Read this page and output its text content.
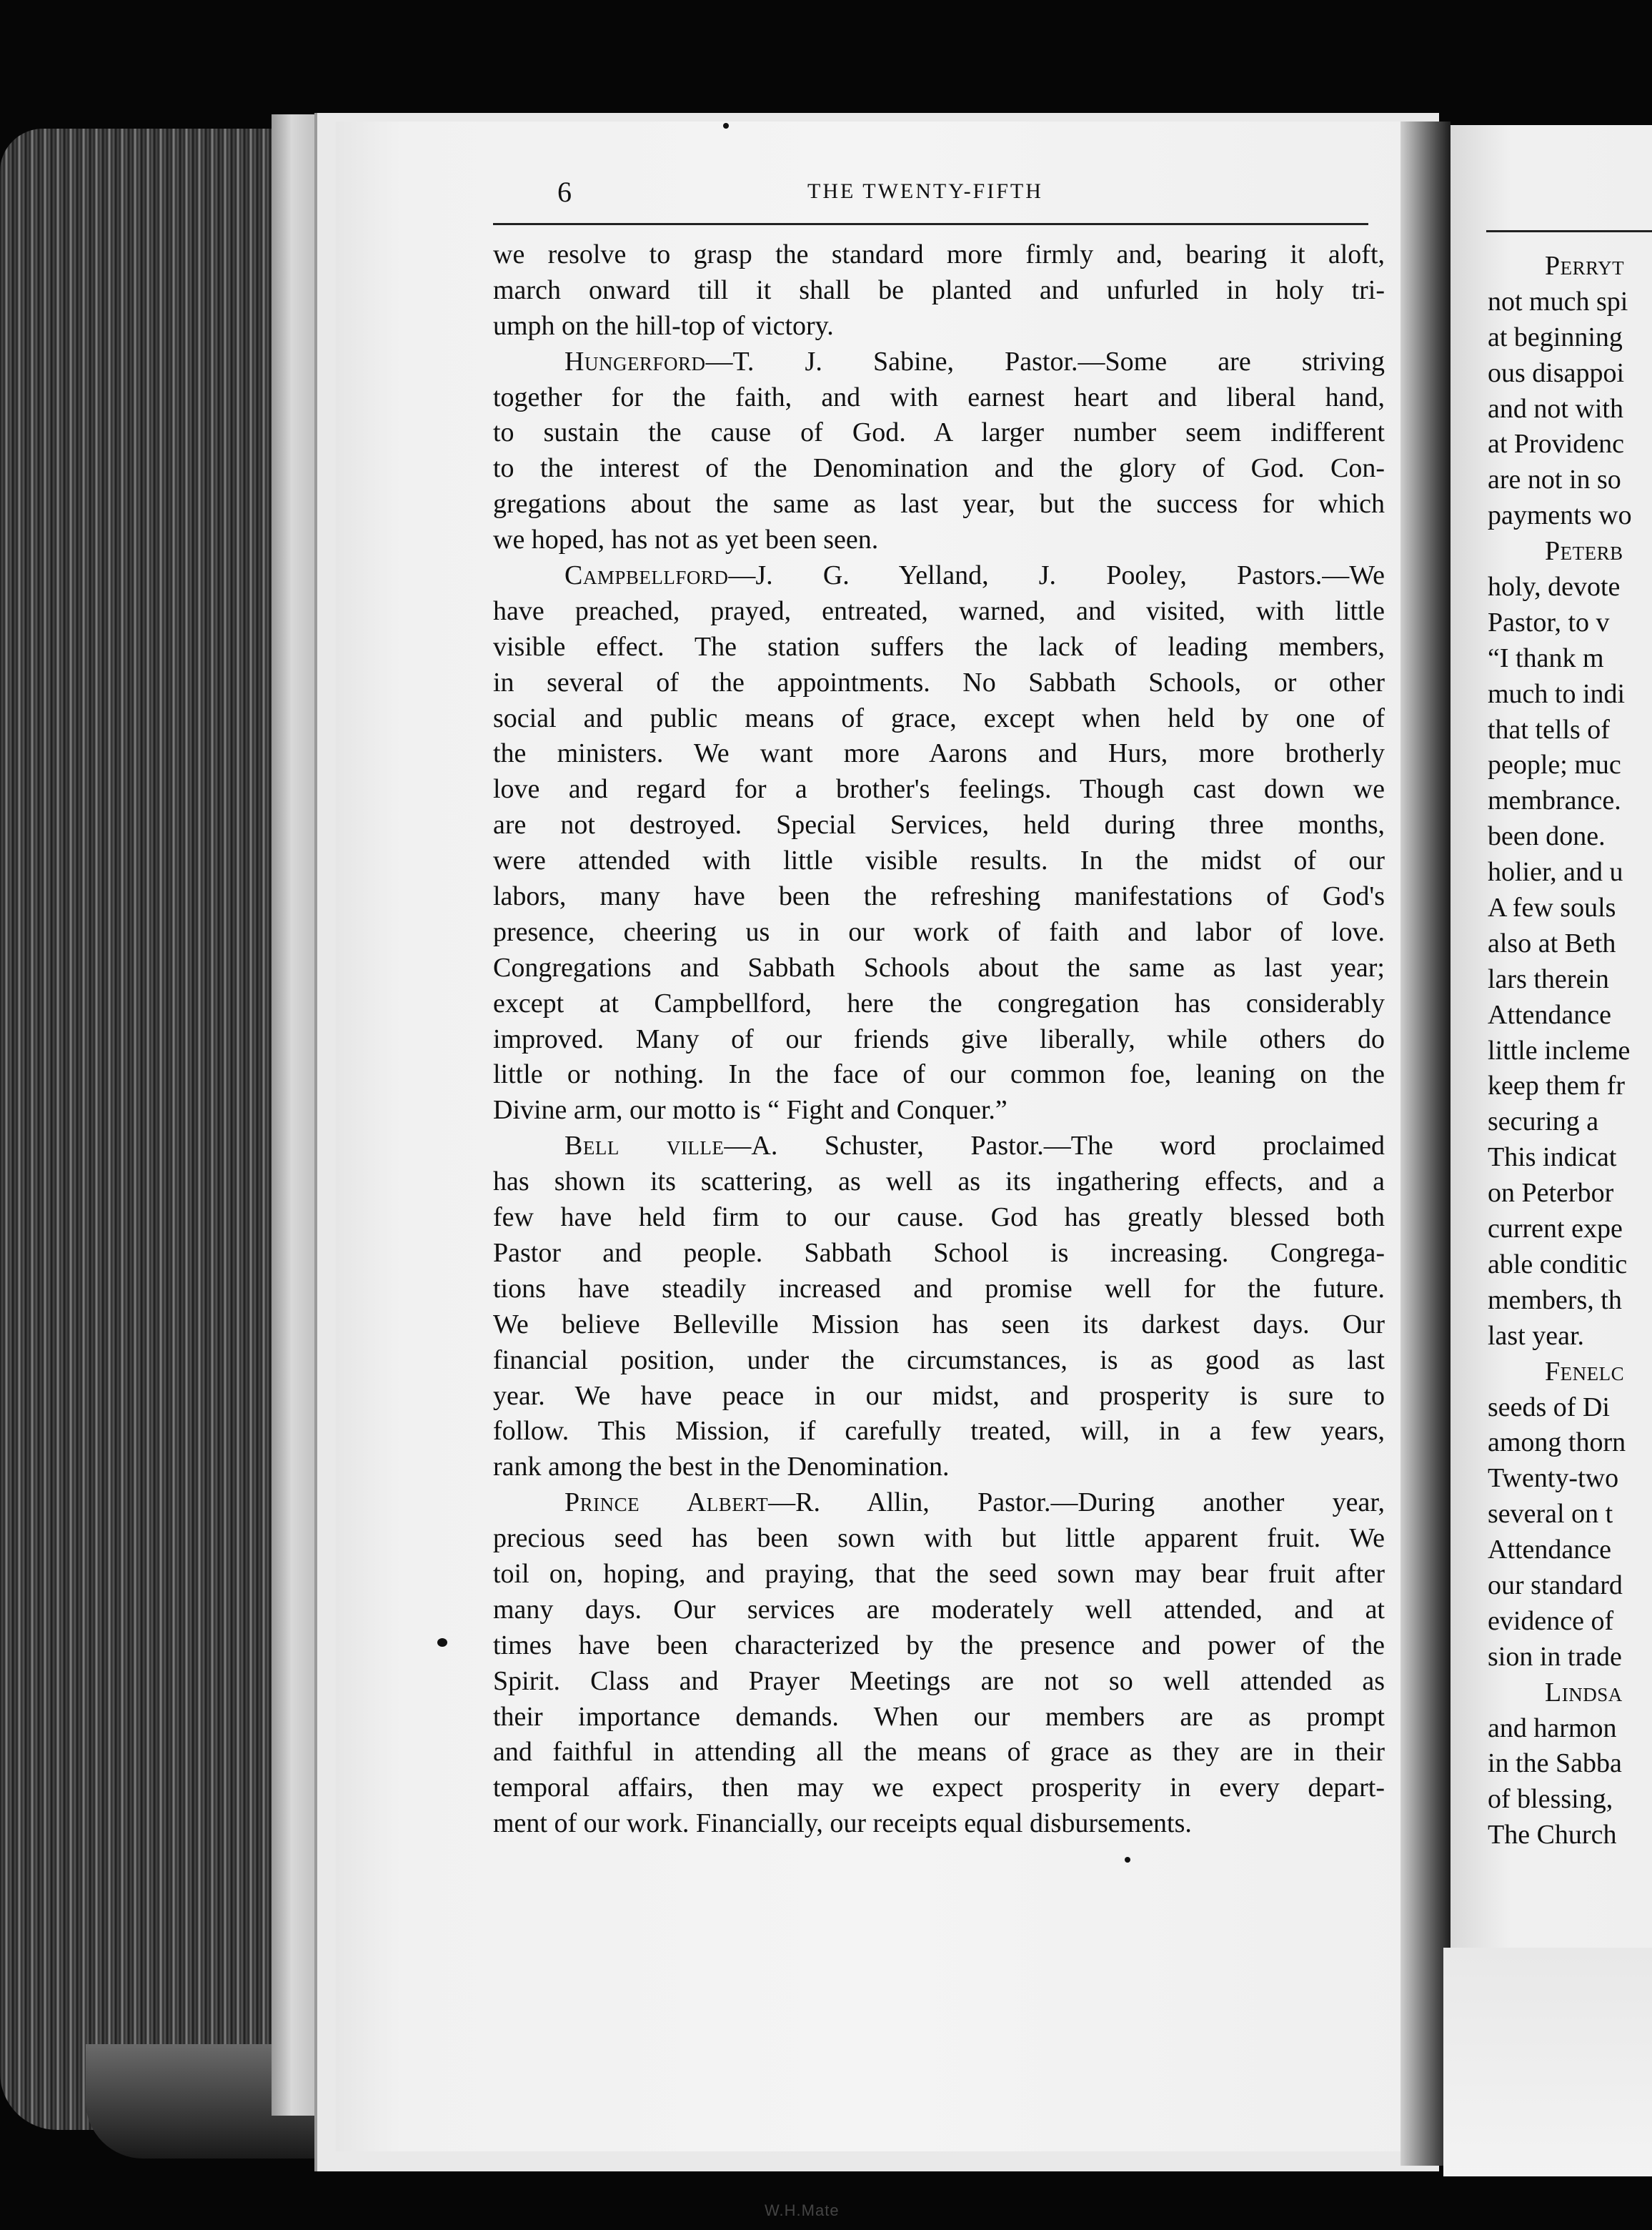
W.H.Mate
6	THE TWENTY-FIFTH
we resolve to grasp the standard more firmly and, bearing it aloft,
march onward till it shall be planted and unfurled in holy tri-
umph on the hill-top of victory.
Hungerford—T. J. Sabine, Pastor.—Some are striving
together for the faith, and with earnest heart and liberal hand,
to sustain the cause of God. A larger number seem indifferent
to the interest of the Denomination and the glory of God. Con-
gregations about the same as last year, but the success for which
we hoped, has not as yet been seen.
Campbellford—J. G. Yelland, J. Pooley, Pastors.—We
have preached, prayed, entreated, warned, and visited, with little
visible effect. The station suffers the lack of leading members,
in several of the appointments. No Sabbath Schools, or other
social and public means of grace, except when held by one of
the ministers. We want more Aarons and Hurs, more brotherly
love and regard for a brother's feelings. Though cast down we
are not destroyed. Special Services, held during three months,
were attended with little visible results. In the midst of our
labors, many have been the refreshing manifestations of God's
presence, cheering us in our work of faith and labor of love.
Congregations and Sabbath Schools about the same as last year;
except at Campbellford, here the congregation has considerably
improved. Many of our friends give liberally, while others do
little or nothing. In the face of our common foe, leaning on the
Divine arm, our motto is “ Fight and Conquer.”
Bell ville—A. Schuster, Pastor.—The word proclaimed
has shown its scattering, as well as its ingathering effects, and a
few have held firm to our cause. God has greatly blessed both
Pastor and people. Sabbath School is increasing. Congrega-
tions have steadily increased and promise well for the future.
We believe Belleville Mission has seen its darkest days. Our
financial position, under the circumstances, is as good as last
year. We have peace in our midst, and prosperity is sure to
follow. This Mission, if carefully treated, will, in a few years,
rank among the best in the Denomination.
Prince Albert—R. Allin, Pastor.—During another year,
precious seed has been sown with but little apparent fruit. We
toil on, hoping, and praying, that the seed sown may bear fruit after
many days. Our services are moderately well attended, and at
times have been characterized by the presence and power of the
Spirit. Class and Prayer Meetings are not so well attended as
their importance demands. When our members are as prompt
and faithful in attending all the means of grace as they are in their
temporal affairs, then may we expect prosperity in every depart-
ment of our work. Financially, our receipts equal disbursements.
Perryt
not much spi
at beginning
ous disappoi
and not with
at Providenc
are not in so
payments wo
Peterb
holy, devote
Pastor, to v
“I thank m
much to indi
that tells of
people; muc
membrance.
been done.
holier, and u
A few souls
also at Beth
lars therein
Attendance
little incleme
keep them fr
securing a
This indicat
on Peterbor
current expe
able conditic
members, th
last year.
Fenelc
seeds of Di
among thorn
Twenty-two
several on t
Attendance
our standard
evidence of
sion in trade
Lindsa
and harmon
in the Sabba
of blessing,
The Church
